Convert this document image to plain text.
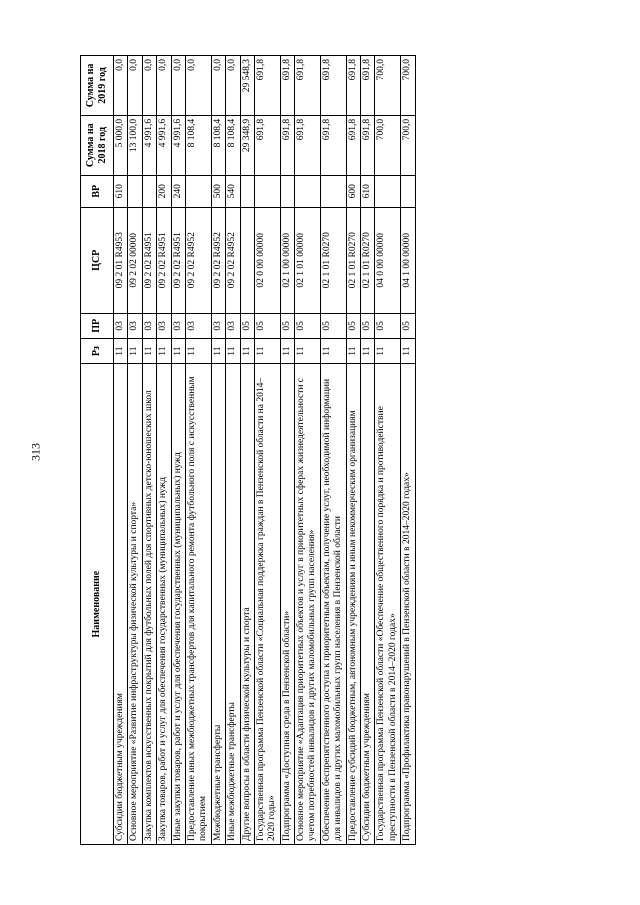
313
Наименование	Рз	ПР	ЦСР	ВР	Сумма на 2018 год	Сумма на 2019 год
Субсидии бюджетным учреждениям	11	03	09 2 01 R4953	610	5 000,0	0,0
Основное мероприятие «Развитие инфраструктуры физической культуры и спорта»	11	03	09 2 02 00000		13 100,0	0,0
Закупка комплектов искусственных покрытий для футбольных полей для спортивных детско-юношеских школ	11	03	09 2 02 R4951		4 991,6	0,0
Закупка товаров, работ и услуг для обеспечения государственных (муниципальных) нужд	11	03	09 2 02 R4951	200	4 991,6	0,0
Иные закупки товаров, работ и услуг для обеспечения государственных (муниципальных) нужд	11	03	09 2 02 R4951	240	4 991,6	0,0
Предоставление иных межбюджетных трансфертов для капитального ремонта футбольного поля с искусственным покрытием	11	03	09 2 02 R4952		8 108,4	0,0
Межбюджетные трансферты	11	03	09 2 02 R4952	500	8 108,4	0,0
Иные межбюджетные трансферты	11	03	09 2 02 R4952	540	8 108,4	0,0
Другие вопросы в области физической культуры и спорта	11	05			29 348,9	29 548,3
Государственная программа Пензенской области «Социальная поддержка граждан в Пензенской области на 2014–2020 годы»	11	05	02 0 00 00000		691,8	691,8
Подпрограмма «Доступная среда в Пензенской области»	11	05	02 1 00 00000		691,8	691,8
Основное мероприятие «Адаптация приоритетных объектов и услуг в приоритетных сферах жизнедеятельности с учетом потребностей инвалидов и других маломобильных групп населения»	11	05	02 1 01 00000		691,8	691,8
Обеспечение беспрепятственного доступа к приоритетным объектам, получение услуг, необходимой информации для инвалидов и других маломобильных групп населения в Пензенской области	11	05	02 1 01 R0270		691,8	691,8
Предоставление субсидий бюджетным, автономным учреждениям и иным некоммерческим организациям	11	05	02 1 01 R0270	600	691,8	691,8
Субсидии бюджетным учреждениям	11	05	02 1 01 R0270	610	691,8	691,8
Государственная программа Пензенской области «Обеспечение общественного порядка и противодействие преступности в Пензенской области в 2014–2020 годах»	11	05	04 0 00 00000		700,0	700,0
Подпрограмма «Профилактика правонарушений в Пензенской области в 2014–2020 годах»	11	05	04 1 00 00000		700,0	700,0
